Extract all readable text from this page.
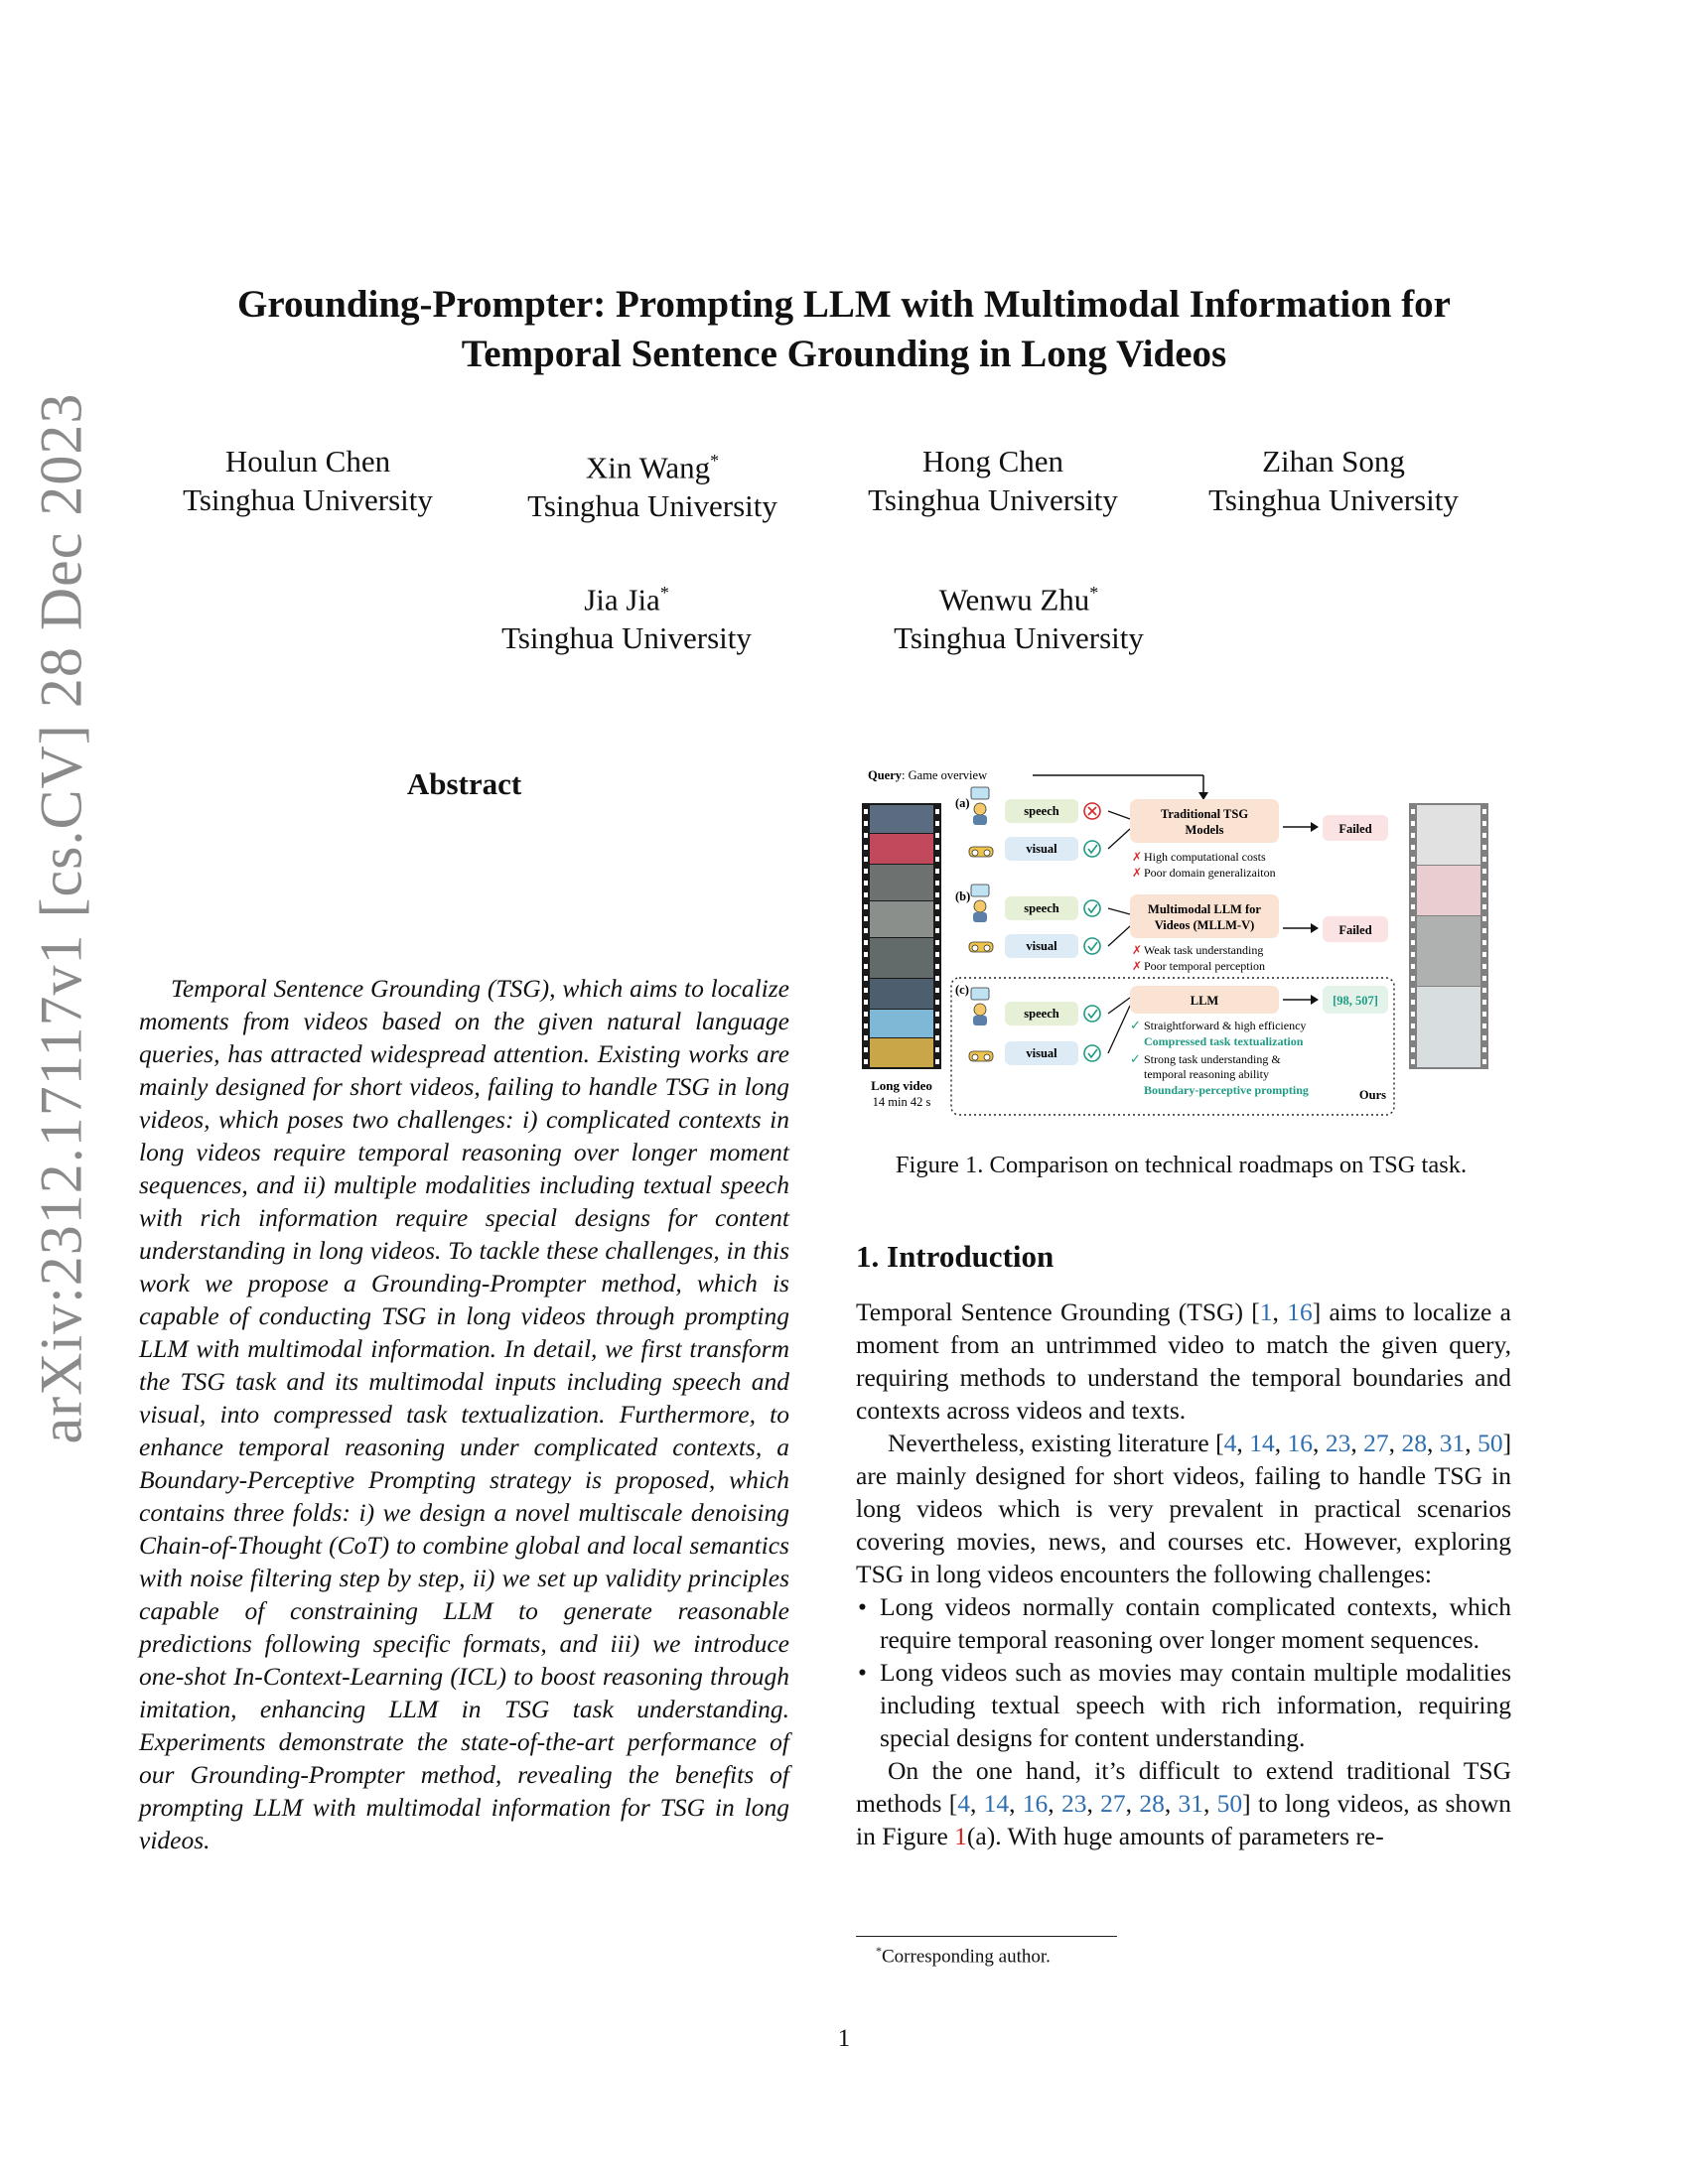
Grounding-Prompter: Prompting LLM with Multimodal Information for
Temporal Sentence Grounding in Long Videos
Houlun Chen
Tsinghua University
Xin Wang*
Tsinghua University
Hong Chen
Tsinghua University
Zihan Song
Tsinghua University
Jia Jia*
Tsinghua University
Wenwu Zhu*
Tsinghua University
arXiv:2312.17117v1 [cs.CV] 28 Dec 2023	Abstract

Temporal Sentence Grounding (TSG), which aims to localize moments from videos based on the given natural language queries, has attracted widespread attention. Existing works are mainly designed for short videos, failing to handle TSG in long videos, which poses two challenges: i) complicated contexts in long videos require temporal reasoning over longer moment sequences, and ii) multiple modalities including textual speech with rich information require special designs for content understanding in long videos. To tackle these challenges, in this work we propose a Grounding-Prompter method, which is capable of conducting TSG in long videos through prompting LLM with multimodal information. In detail, we first transform the TSG task and its multimodal inputs including speech and visual, into compressed task textualization. Furthermore, to enhance temporal reasoning under complicated contexts, a Boundary-Perceptive Prompting strategy is proposed, which contains three folds: i) we design a novel multiscale denoising Chain-of-Thought (CoT) to combine global and local semantics with noise filtering step by step, ii) we set up validity principles capable of constraining LLM to generate reasonable predictions following specific formats, and iii) we introduce one-shot In-Context-Learning (ICL) to boost reasoning through imitation, enhancing LLM in TSG task understanding. Experiments demonstrate the state-of-the-art performance of our Grounding-Prompter method, revealing the benefits of prompting LLM with multimodal information for TSG in long videos.

Query: Game overview
Long video
14 min 42 s
(a)
speech
visual
Traditional TSG
Models	Failed
✗ High computational costs
✗ Poor domain generalizaiton
(b)
speech
visual
Multimodal LLM for
Videos (MLLM-V)	Failed
✗ Weak task understanding
✗ Poor temporal perception
(c)
speech
visual
LLM	[98, 507]
✓ Straightforward & high efficiency
Compressed task textualization
✓ Strong task understanding &
temporal reasoning ability
Boundary-perceptive prompting	Ours
Figure 1. Comparison on technical roadmaps on TSG task.
1. Introduction

Temporal Sentence Grounding (TSG) [1, 16] aims to localize a moment from an untrimmed video to match the given query, requiring methods to understand the temporal boundaries and contexts across videos and texts.

Nevertheless, existing literature [4, 14, 16, 23, 27, 28, 31, 50] are mainly designed for short videos, failing to handle TSG in long videos which is very prevalent in practical scenarios covering movies, news, and courses etc. However, exploring TSG in long videos encounters the following challenges:

• Long videos normally contain complicated contexts, which require temporal reasoning over longer moment sequences.
• Long videos such as movies may contain multiple modalities including textual speech with rich information, requiring special designs for content understanding.

On the one hand, it’s difficult to extend traditional TSG methods [4, 14, 16, 23, 27, 28, 31, 50] to long videos, as shown in Figure 1(a). With huge amounts of parameters re-

*Corresponding author.
1
